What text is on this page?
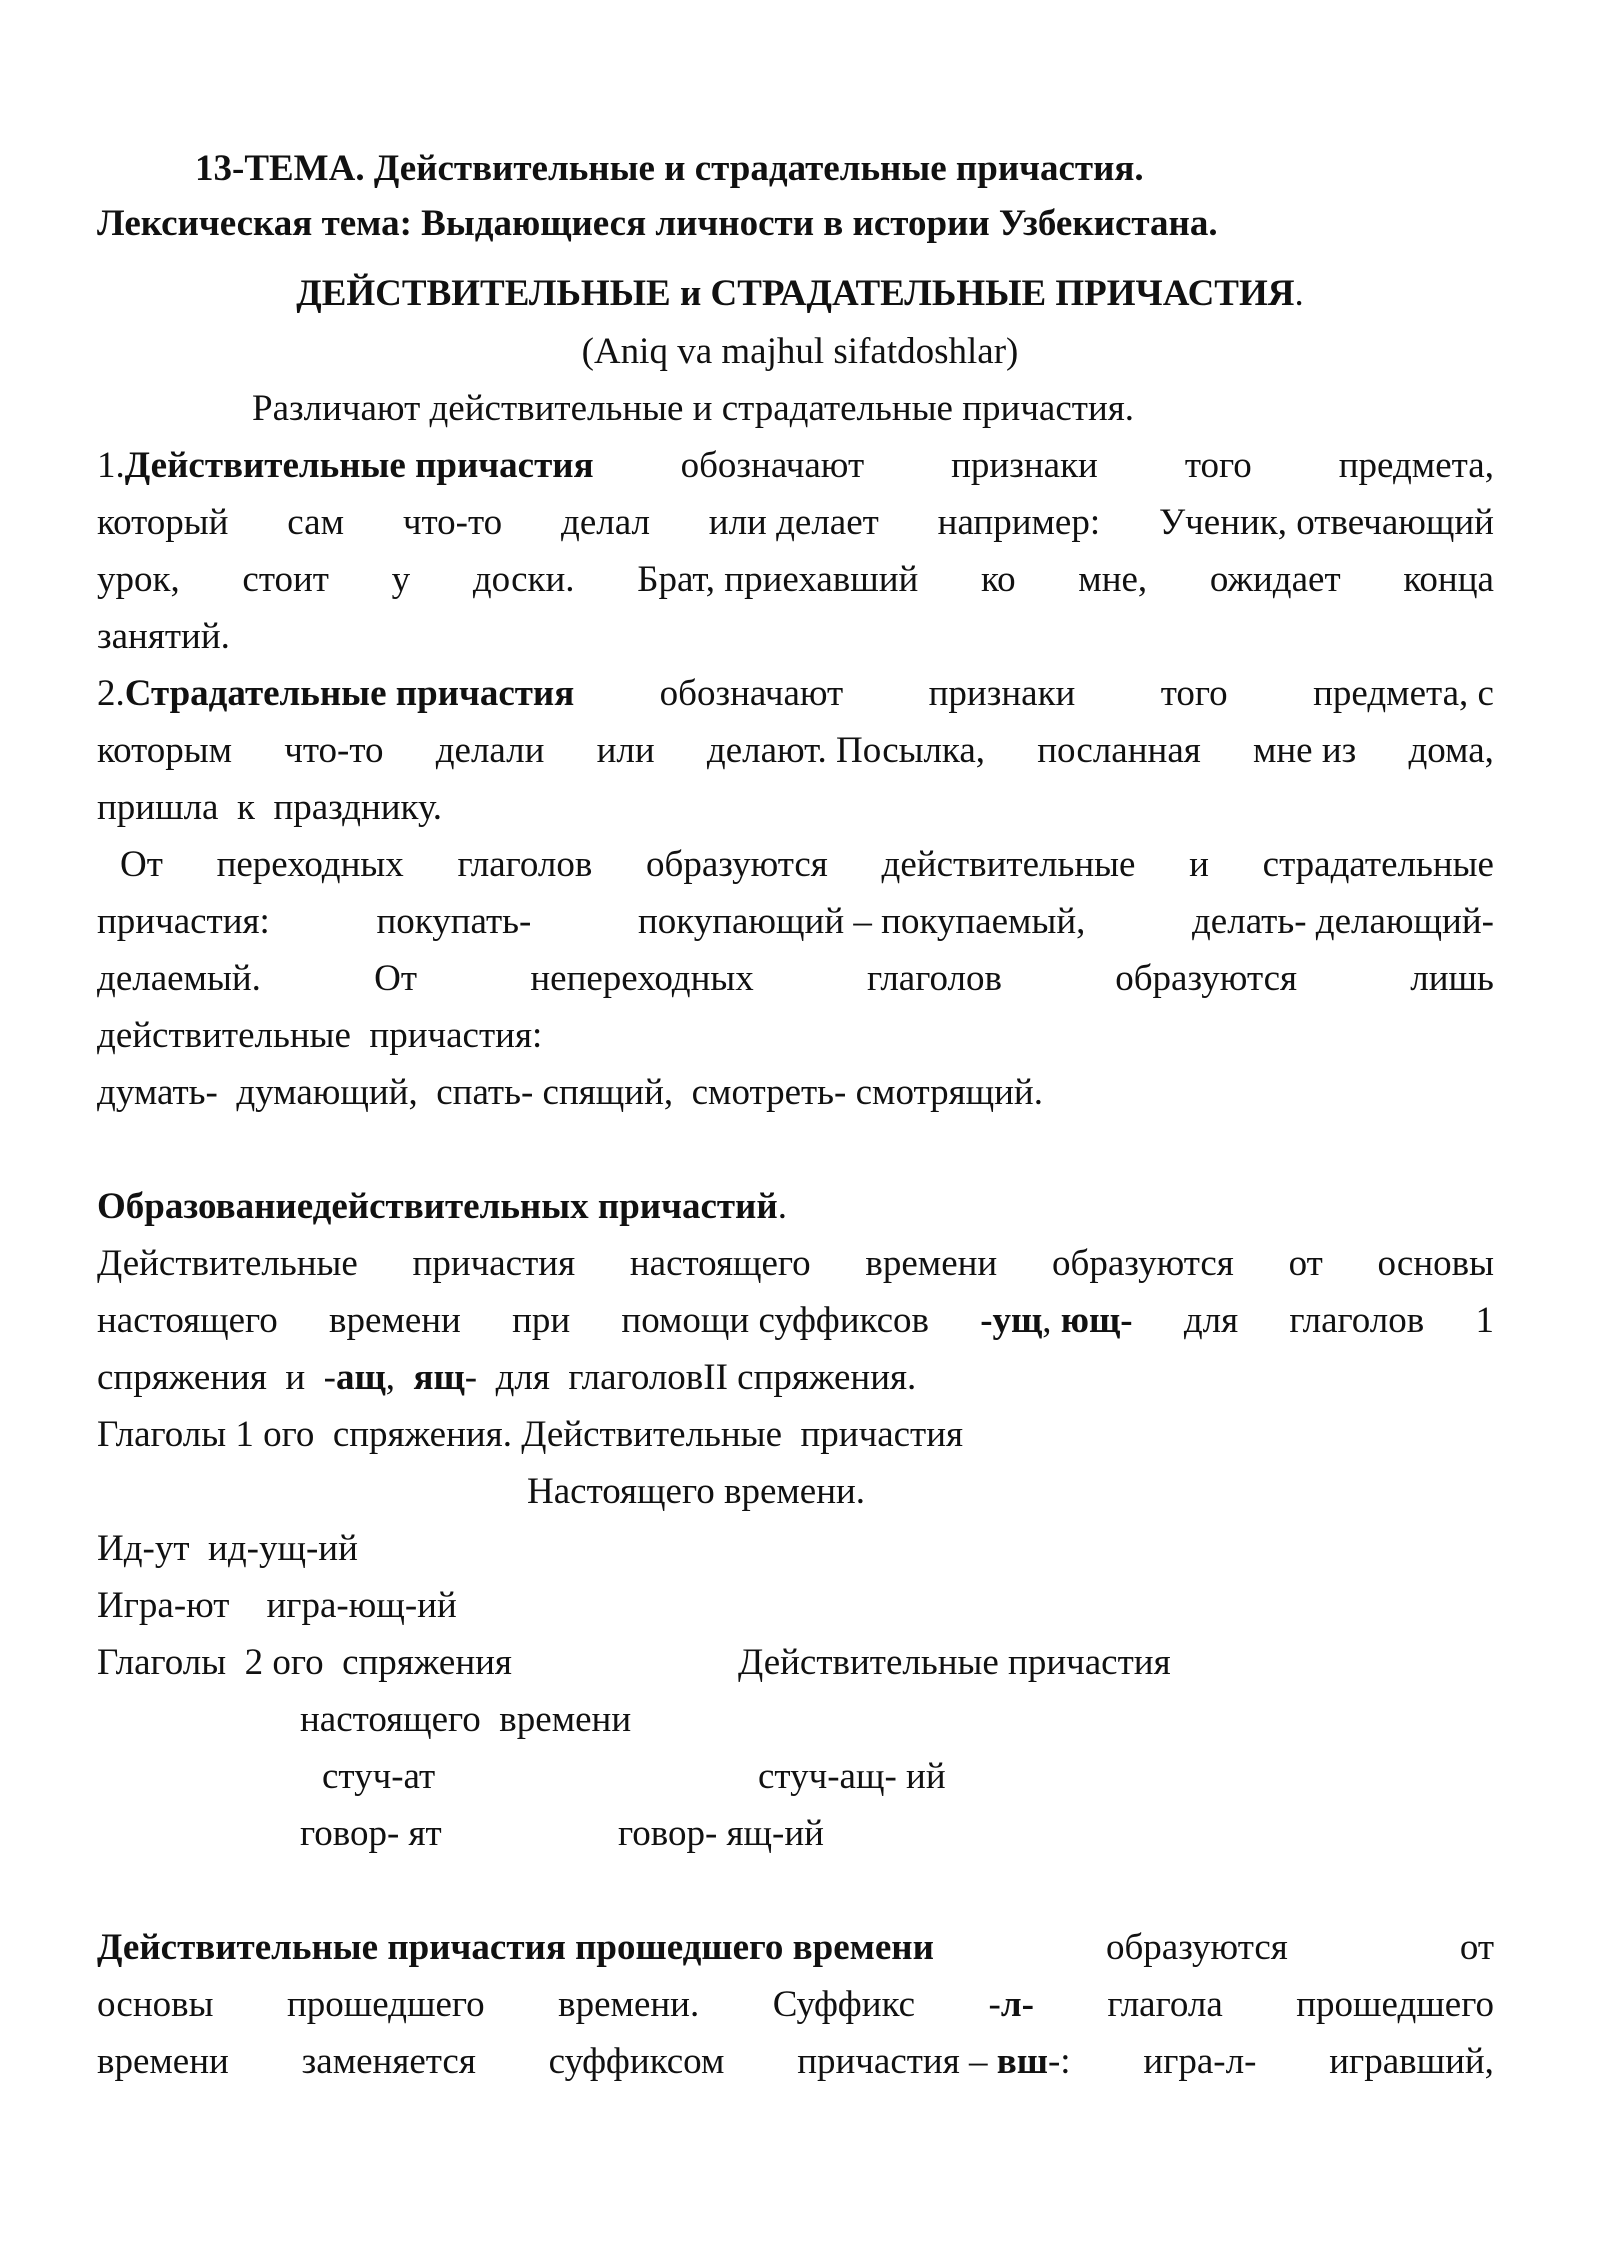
13-ТЕМА. Действительные и страдательные причастия.
Лексическая тема: Выдающиеся личности в истории Узбекистана.
ДЕЙСТВИТЕЛЬНЫЕ и СТРАДАТЕЛЬНЫЕ ПРИЧАСТИЯ.
(Aniq va majhul sifatdoshlar)
Различают действительные и страдательные причастия.
1.Действительные причастия обозначают признаки того предмета,
который сам что-то делал или делает например: Ученик, отвечающий
урок, стоит у доски. Брат, приехавший ко мне, ожидает конца
занятий.
2.Страдательные причастия обозначают признаки того предмета, с
которым что-то делали или делают. Посылка, посланная мне из дома,
пришла  к  празднику.
От переходных глаголов образуются действительные и страдательные
причастия:	покупать-	покупающий – покупаемый,	делать- делающий-
делаемый.	От	непереходных	глаголов	образуются	лишь
действительные  причастия:
думать-  думающий,  спать- спящий,  смотреть- смотрящий.
Образованиедействительных причастий.
Действительные причастия настоящего времени образуются от основы
настоящего времени при помощи суффиксов -ущ, ющ- для глаголов 1
спряжения  и  -ащ,  ящ-  для  глаголовII спряжения.
Глаголы 1 ого  спряжения. Действительные  причастия
Настоящего времени.
Ид-ут  ид-ущ-ий
Игра-ют    игра-ющ-ий
Глаголы  2 ого  спряжения	Действительные причастия
настоящего  времени
стуч-ат	стуч-ащ- ий
говор- ят	говор- ящ-ий
Действительные причастия прошедшего времени	образуются	от
основы прошедшего времени. Суффикс -л- глагола прошедшего
времени заменяется суффиксом причастия – вш-: игра-л- игравший,
